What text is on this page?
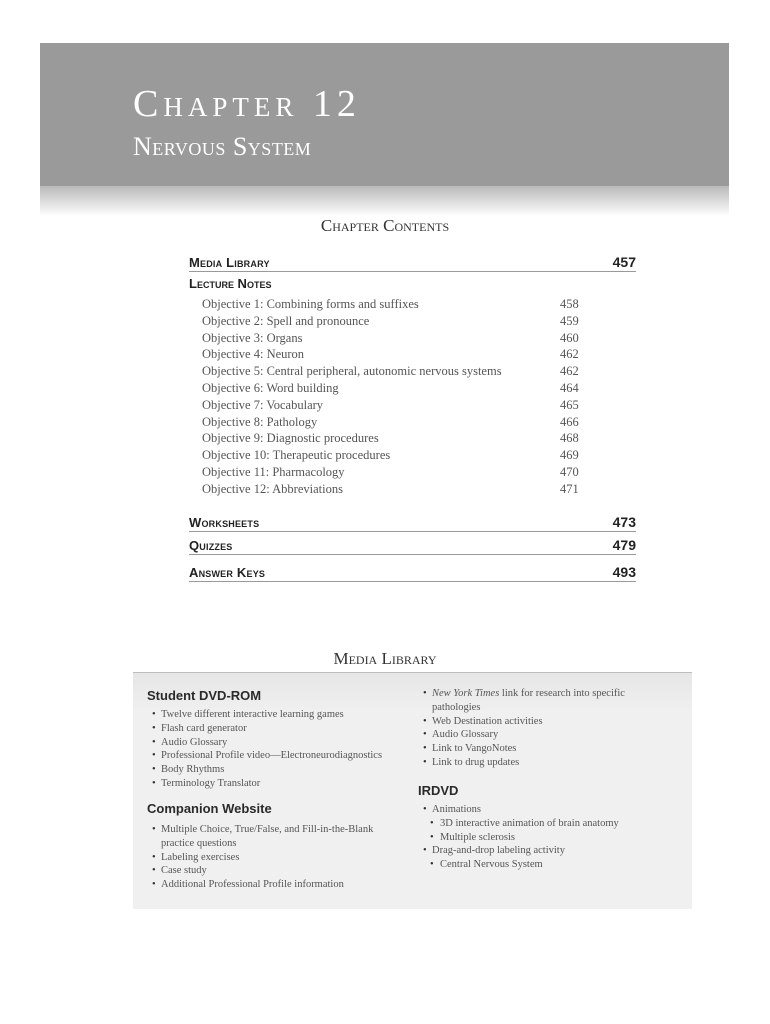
Chapter 12
Nervous System
Chapter Contents
Media Library	457
Lecture Notes
Objective 1: Combining forms and suffixes	458
Objective 2: Spell and pronounce	459
Objective 3: Organs	460
Objective 4: Neuron	462
Objective 5: Central peripheral, autonomic nervous systems	462
Objective 6: Word building	464
Objective 7: Vocabulary	465
Objective 8: Pathology	466
Objective 9: Diagnostic procedures	468
Objective 10: Therapeutic procedures	469
Objective 11: Pharmacology	470
Objective 12: Abbreviations	471
Worksheets	473
Quizzes	479
Answer Keys	493
Media Library
Student DVD-ROM
• Twelve different interactive learning games
• Flash card generator
• Audio Glossary
• Professional Profile video—Electroneurodiagnostics
• Body Rhythms
• Terminology Translator
Companion Website
• Multiple Choice, True/False, and Fill-in-the-Blank
practice questions
• Labeling exercises
• Case study
• Additional Professional Profile information
• New York Times link for research into specific
pathologies
• Web Destination activities
• Audio Glossary
• Link to VangoNotes
• Link to drug updates
IRDVD
• Animations
• 3D interactive animation of brain anatomy
• Multiple sclerosis
• Drag-and-drop labeling activity
• Central Nervous System
